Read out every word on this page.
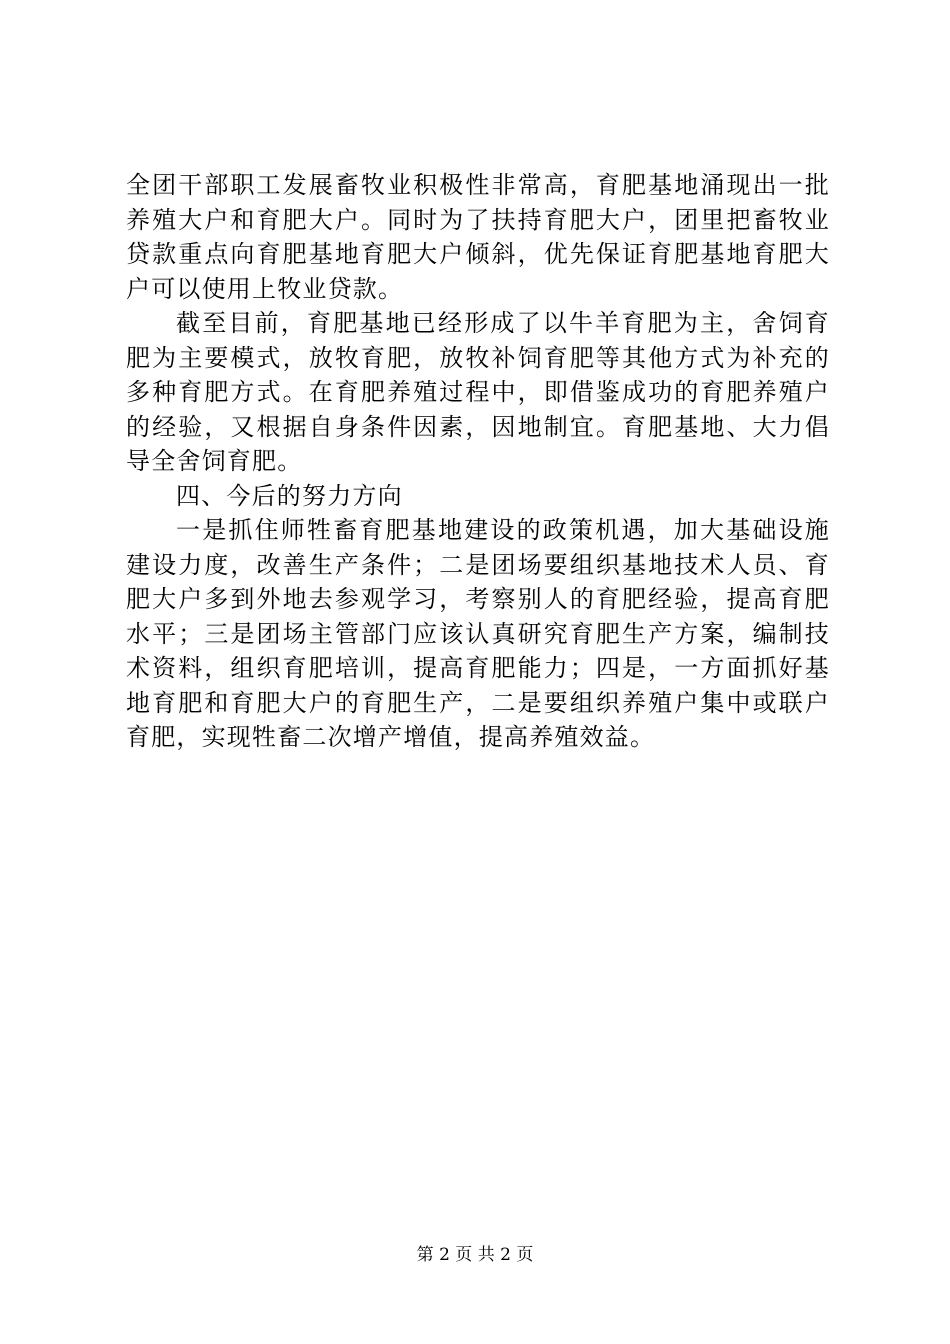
全团干部职工发展畜牧业积极性非常高，育肥基地涌现出一批养殖大户和育肥大户。同时为了扶持育肥大户，团里把畜牧业贷款重点向育肥基地育肥大户倾斜，优先保证育肥基地育肥大户可以使用上牧业贷款。

截至目前，育肥基地已经形成了以牛羊育肥为主，舍饲育肥为主要模式，放牧育肥，放牧补饲育肥等其他方式为补充的多种育肥方式。在育肥养殖过程中，即借鉴成功的育肥养殖户的经验，又根据自身条件因素，因地制宜。育肥基地、大力倡导全舍饲育肥。

四、今后的努力方向

一是抓住师牲畜育肥基地建设的政策机遇，加大基础设施建设力度，改善生产条件；二是团场要组织基地技术人员、育肥大户多到外地去参观学习，考察别人的育肥经验，提高育肥水平；三是团场主管部门应该认真研究育肥生产方案，编制技术资料，组织育肥培训，提高育肥能力；四是，一方面抓好基地育肥和育肥大户的育肥生产，二是要组织养殖户集中或联户育肥，实现牲畜二次增产增值，提高养殖效益。

第 2 页 共 2 页
